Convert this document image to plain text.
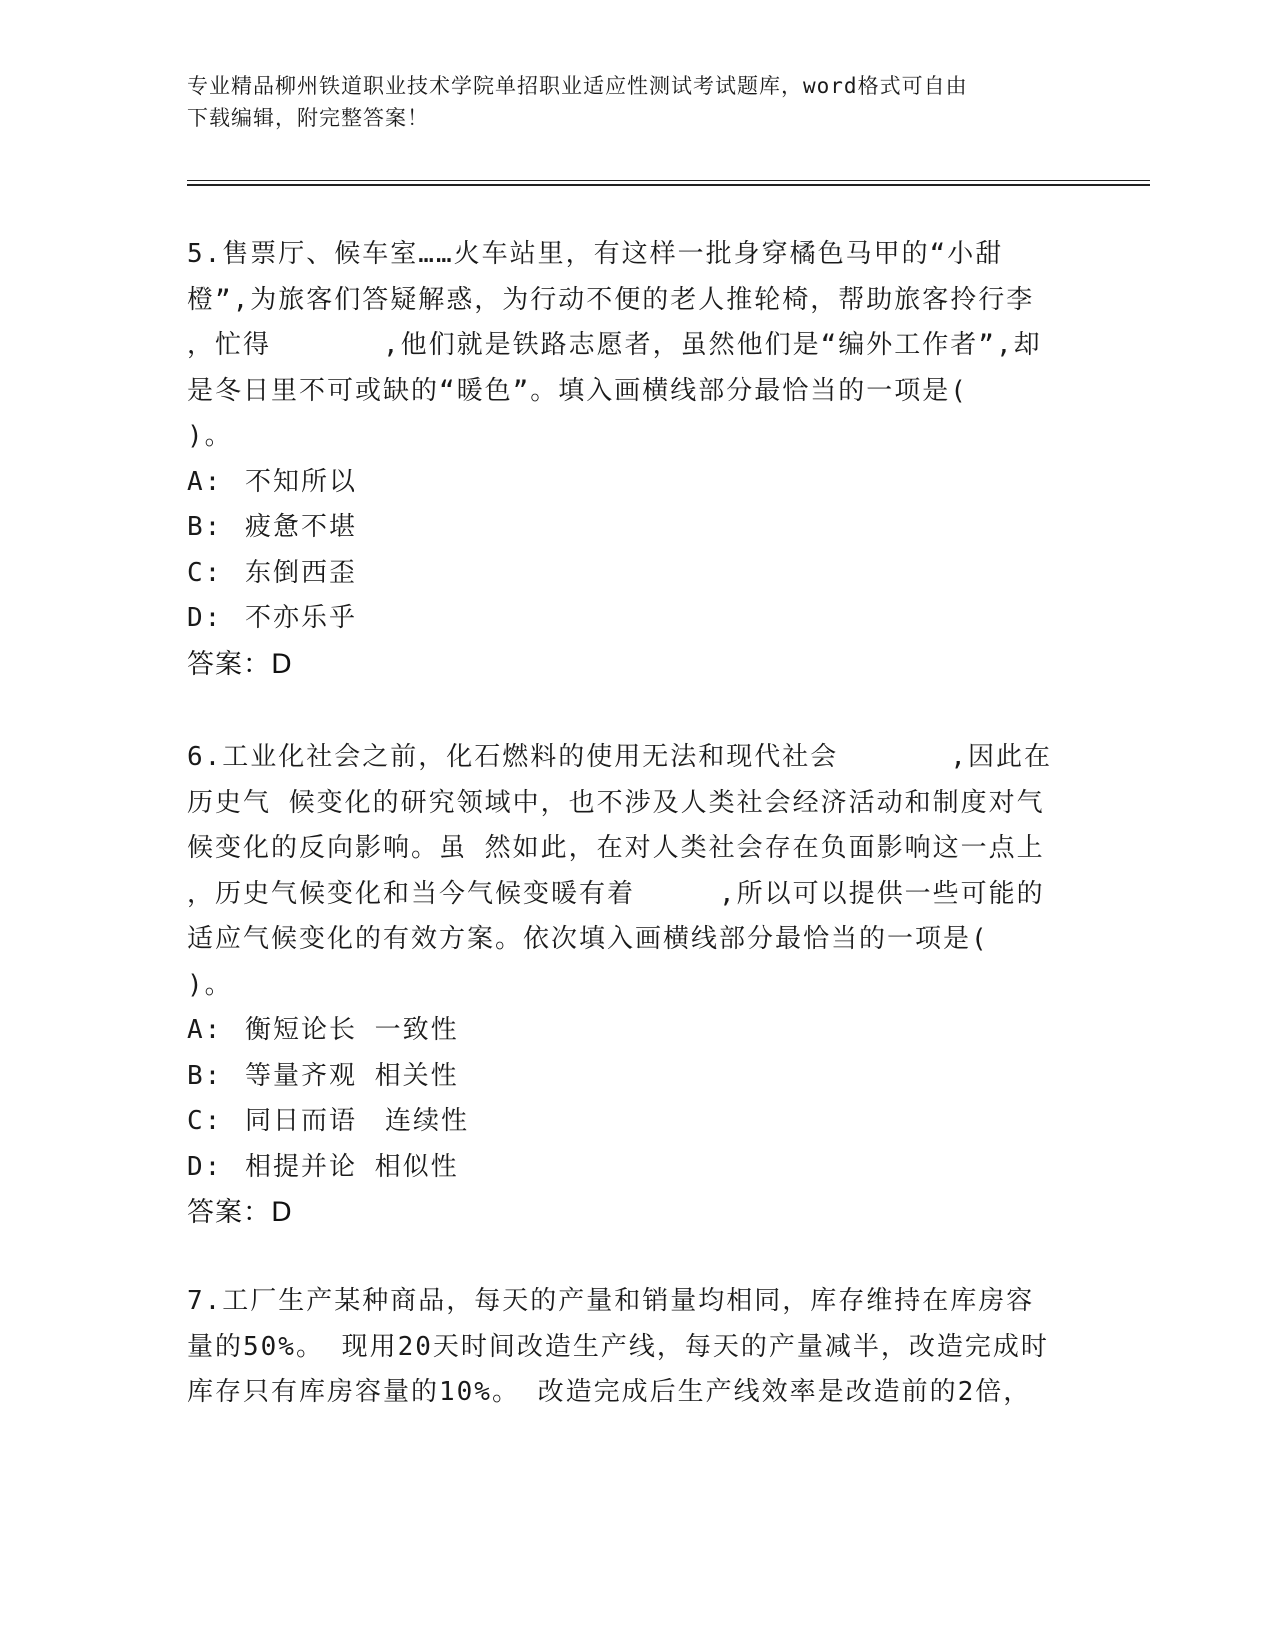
专业精品柳州铁道职业技术学院单招职业适应性测试考试题库，word格式可自由
下载编辑，附完整答案！

5.售票厅、候车室……火车站里，有这样一批身穿橘色马甲的“小甜

橙”,为旅客们答疑解惑，为行动不便的老人推轮椅，帮助旅客拎行李

，忙得　　　　,他们就是铁路志愿者，虽然他们是“编外工作者”,却

是冬日里不可或缺的“暖色”。填入画横线部分最恰当的一项是(

)。

A: 不知所以
B: 疲惫不堪
C: 东倒西歪
D: 不亦乐乎

答案：D

6.工业化社会之前，化石燃料的使用无法和现代社会　　　　,因此在

历史气 候变化的研究领域中，也不涉及人类社会经济活动和制度对气

候变化的反向影响。虽 然如此，在对人类社会存在负面影响这一点上

，历史气候变化和当今气候变暖有着　　　,所以可以提供一些可能的

适应气候变化的有效方案。依次填入画横线部分最恰当的一项是(

)。

A: 衡短论长 一致性
B: 等量齐观 相关性
C: 同日而语　连续性
D: 相提并论 相似性

答案：D

7.工厂生产某种商品，每天的产量和销量均相同，库存维持在库房容

量的50%。 现用20天时间改造生产线，每天的产量减半，改造完成时

库存只有库房容量的10%。 改造完成后生产线效率是改造前的2倍，
